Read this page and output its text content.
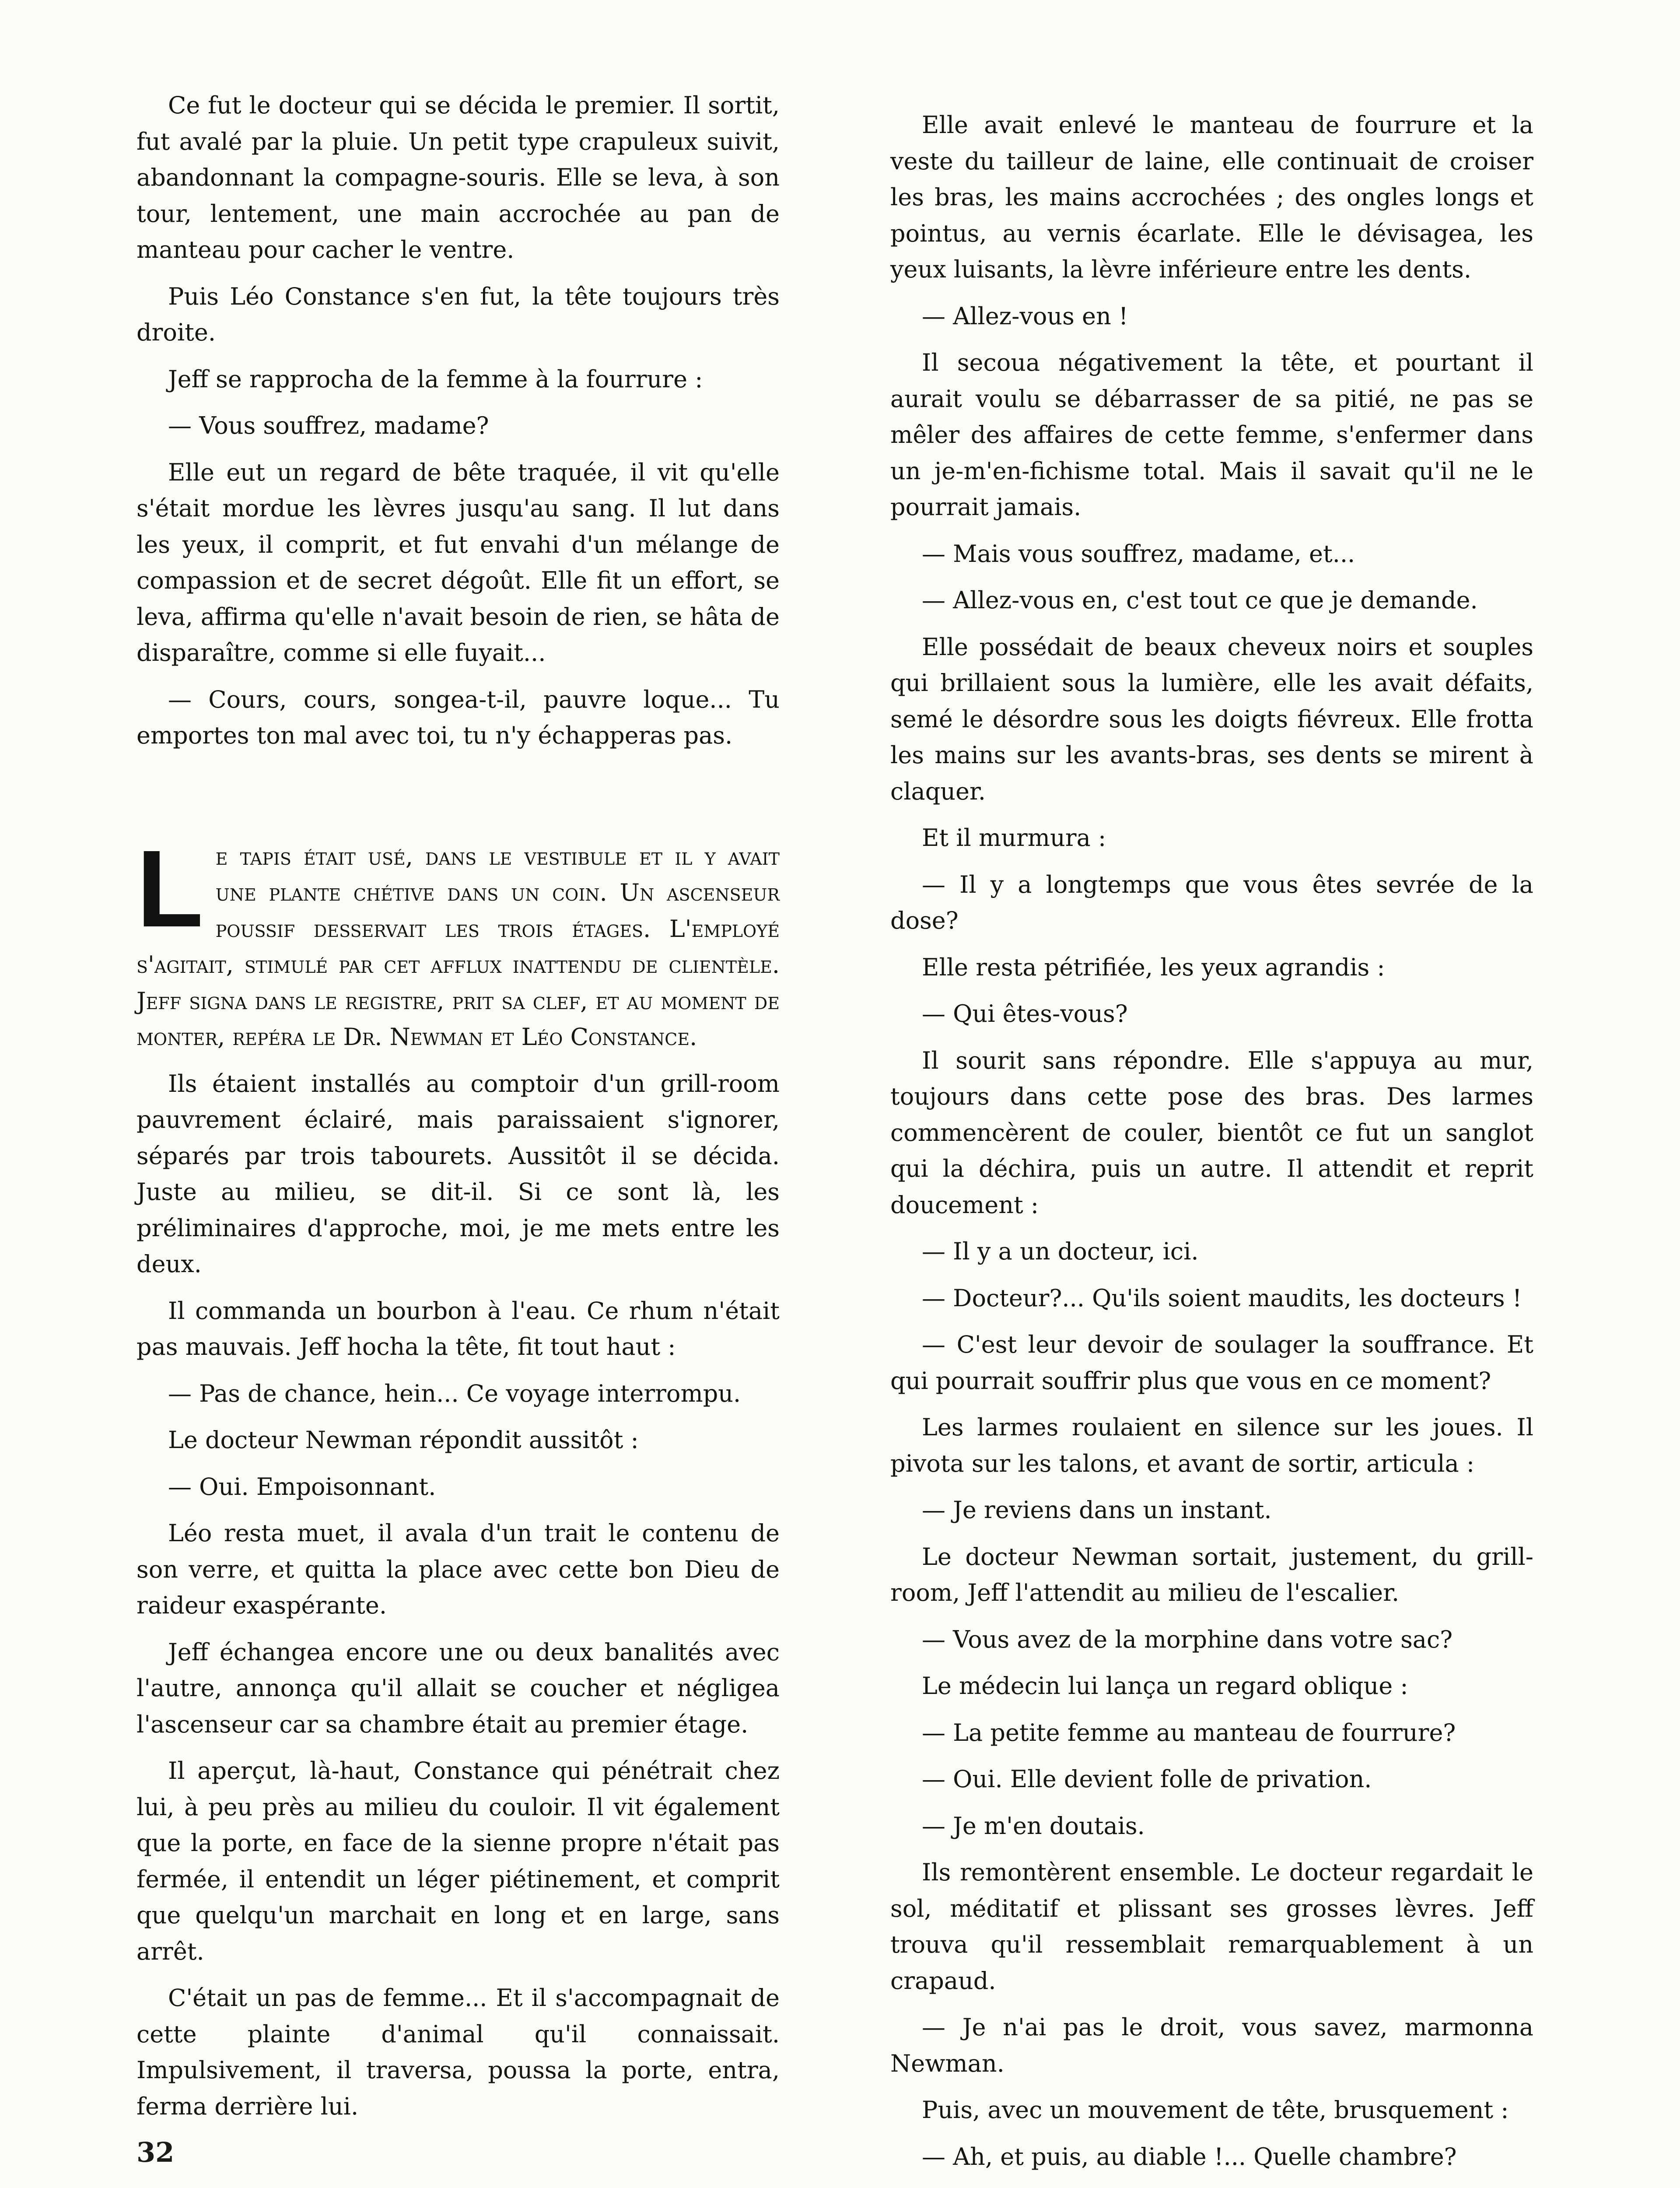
Ce fut le docteur qui se décida le premier. Il sortit, fut avalé par la pluie. Un petit type crapuleux suivit, abandonnant la compagne-souris. Elle se leva, à son tour, lentement, une main accrochée au pan de manteau pour cacher le ventre.

Puis Léo Constance s'en fut, la tête toujours très droite.

Jeff se rapprocha de la femme à la fourrure :

— Vous souffrez, madame?

Elle eut un regard de bête traquée, il vit qu'elle s'était mordue les lèvres jusqu'au sang. Il lut dans les yeux, il comprit, et fut envahi d'un mélange de compassion et de secret dégoût. Elle fit un effort, se leva, affirma qu'elle n'avait besoin de rien, se hâta de disparaître, comme si elle fuyait...

— Cours, cours, songea-t-il, pauvre loque... Tu emportes ton mal avec toi, tu n'y échapperas pas.

Le tapis était usé, dans le vestibule et il y avait une plante chétive dans un coin. Un ascenseur poussif desservait les trois étages. L'employé s'agitait, stimulé par cet afflux inattendu de clientèle. Jeff signa dans le registre, prit sa clef, et au moment de monter, repéra le Dr. Newman et Léo Constance.

Ils étaient installés au comptoir d'un grill-room pauvrement éclairé, mais paraissaient s'ignorer, séparés par trois tabourets. Aussitôt il se décida. Juste au milieu, se dit-il. Si ce sont là, les préliminaires d'approche, moi, je me mets entre les deux.

Il commanda un bourbon à l'eau. Ce rhum n'était pas mauvais. Jeff hocha la tête, fit tout haut :

— Pas de chance, hein... Ce voyage interrompu.

Le docteur Newman répondit aussitôt :

— Oui. Empoisonnant.

Léo resta muet, il avala d'un trait le contenu de son verre, et quitta la place avec cette bon Dieu de raideur exaspérante.

Jeff échangea encore une ou deux banalités avec l'autre, annonça qu'il allait se coucher et négligea l'ascenseur car sa chambre était au premier étage.

Il aperçut, là-haut, Constance qui pénétrait chez lui, à peu près au milieu du couloir. Il vit également que la porte, en face de la sienne propre n'était pas fermée, il entendit un léger piétinement, et comprit que quelqu'un marchait en long et en large, sans arrêt.

C'était un pas de femme... Et il s'accompagnait de cette plainte d'animal qu'il connaissait. Impulsivement, il traversa, poussa la porte, entra, ferma derrière lui.

Elle avait enlevé le manteau de fourrure et la veste du tailleur de laine, elle continuait de croiser les bras, les mains accrochées ; des ongles longs et pointus, au vernis écarlate. Elle le dévisagea, les yeux luisants, la lèvre inférieure entre les dents.

— Allez-vous en !

Il secoua négativement la tête, et pourtant il aurait voulu se débarrasser de sa pitié, ne pas se mêler des affaires de cette femme, s'enfermer dans un je-m'en-fichisme total. Mais il savait qu'il ne le pourrait jamais.

— Mais vous souffrez, madame, et...

— Allez-vous en, c'est tout ce que je demande.

Elle possédait de beaux cheveux noirs et souples qui brillaient sous la lumière, elle les avait défaits, semé le désordre sous les doigts fiévreux. Elle frotta les mains sur les avants-bras, ses dents se mirent à claquer.

Et il murmura :

— Il y a longtemps que vous êtes sevrée de la dose?

Elle resta pétrifiée, les yeux agrandis :

— Qui êtes-vous?

Il sourit sans répondre. Elle s'appuya au mur, toujours dans cette pose des bras. Des larmes commencèrent de couler, bientôt ce fut un sanglot qui la déchira, puis un autre. Il attendit et reprit doucement :

— Il y a un docteur, ici.

— Docteur?... Qu'ils soient maudits, les docteurs !

— C'est leur devoir de soulager la souffrance. Et qui pourrait souffrir plus que vous en ce moment?

Les larmes roulaient en silence sur les joues. Il pivota sur les talons, et avant de sortir, articula :

— Je reviens dans un instant.

Le docteur Newman sortait, justement, du grill-room, Jeff l'attendit au milieu de l'escalier.

— Vous avez de la morphine dans votre sac?

Le médecin lui lança un regard oblique :

— La petite femme au manteau de fourrure?

— Oui. Elle devient folle de privation.

— Je m'en doutais.

Ils remontèrent ensemble. Le docteur regardait le sol, méditatif et plissant ses grosses lèvres. Jeff trouva qu'il ressemblait remarquablement à un crapaud.

— Je n'ai pas le droit, vous savez, marmonna Newman.

Puis, avec un mouvement de tête, brusquement :

— Ah, et puis, au diable !... Quelle chambre?

32
